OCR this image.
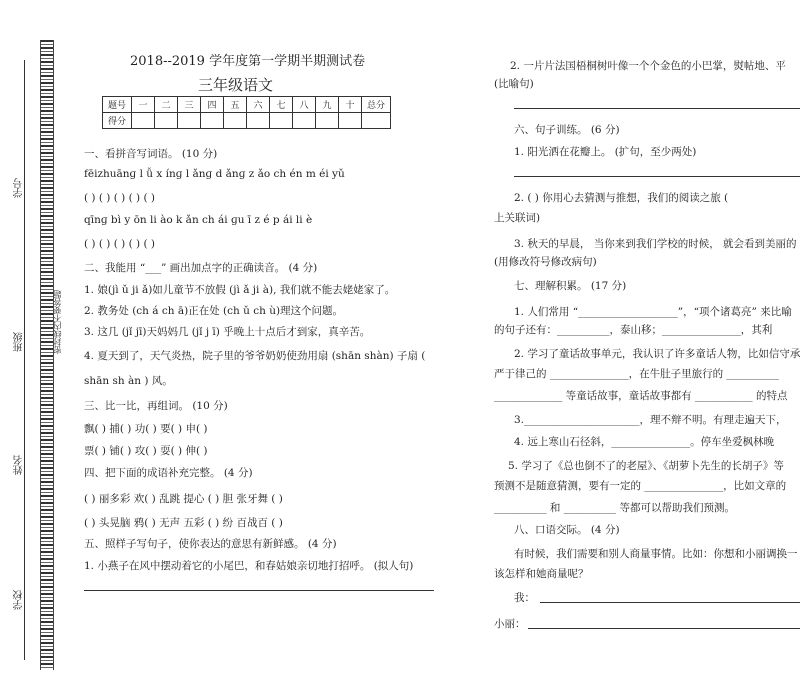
学号
班级
姓名
学校
密封线内不要答题
2018--2019 学年度第一学期半期测试卷
三年级语文
题号	一	二	三	四	五	六	七	八	九	十	总分
得分											
一、看拼音写词语。 (10 分)
fēizhuānɡ l ǚ x ínɡ l ǎnɡ d ǎnɡ z ǎo ch én m éi yǔ
( ) ( ) ( ) ( ) ( )
qīnɡ bì y ōn li ào k ǎn ch ái ɡu ī z é p ái li è
( ) ( ) ( ) ( ) ( )
二、我能用 “___” 画出加点字的正确读音。 (4 分)
1. 娘(jì ǔ ji ǎ)如儿童节不放假 (jì ǎ ji à), 我们就不能去姥姥家了。
2. 教务处 (ch á ch ā)正在处 (ch ǔ ch ù)理这个问题。
3. 这几 (jǐ jī)天妈妈几 (jǐ j ī) 乎晚上十点后才到家，真辛苦。
4. 夏天到了，天气炎热，院子里的爷爷奶奶使劲用扇 (shān shàn) 子扇 (
shān sh àn ) 风。
三、比一比，再组词。 (10 分)
飘( ) 捕( ) 功( ) 要( ) 申( )
票( ) 铺( ) 攻( ) 耍( ) 伸( )
四、把下面的成语补充完整。 (4 分)
( ) 丽多彩 欢( ) 乱跳 提心 ( ) 胆 张牙舞 ( )
( ) 头晃脑 鸦( ) 无声 五彩 ( ) 纷 百战百 ( )
五、照样子写句子，使你表达的意思有新鲜感。 (4 分)
1. 小燕子在风中摆动着它的小尾巴，和春姑娘亲切地打招呼。 (拟人句)
2. 一片片法国梧桐树叶像一个个金色的小巴掌，熨帖地、平
(比喻句)
六、句子训练。 (6 分)
1. 阳光洒在花瓣上。 (扩句，至少两处)
2. ( ) 你用心去猜测与推想，我们的阅读之旅 (
上关联词)
3. 秋天的早晨， 当你来到我们学校的时候， 就会看到美丽的
(用修改符号修改病句)
七、理解积累。 (17 分)
1. 人们常用 “___________________”，“项个诸葛亮” 来比喻
的句子还有：__________，泰山移；_______________，其利
2. 学习了童话故事单元，我认识了许多童话人物，比如信守承
严于律己的 _______________，在牛肚子里旅行的 __________
_____________ 等童话故事，童话故事都有 ___________ 的特点
3.______________________，理不辩不明。有理走遍天下，
4. 远上寒山石径斜，_______________。停车坐爱枫林晚
5. 学习了《总也倒不了的老屋》、《胡萝卜先生的长胡子》等
预测不是随意猜测，要有一定的 _______________，比如文章的
__________ 和 __________ 等都可以帮助我们预测。
八、口语交际。 (4 分)
有时候，我们需要和别人商量事情。比如：你想和小丽调换一
该怎样和她商量呢？
我：
小丽：
